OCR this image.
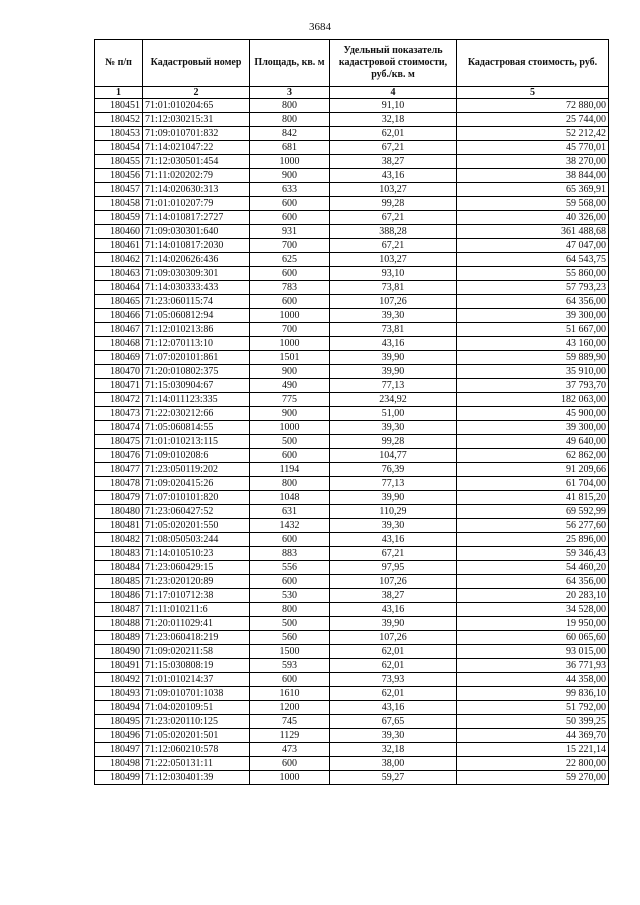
3684
№ п/п	Кадастровый номер	Площадь, кв. м	Удельный показатель кадастровой стоимости, руб./кв. м	Кадастровая стоимость, руб.
1	2	3	4	5
180451	71:01:010204:65	800	91,10	72 880,00
180452	71:12:030215:31	800	32,18	25 744,00
180453	71:09:010701:832	842	62,01	52 212,42
180454	71:14:021047:22	681	67,21	45 770,01
180455	71:12:030501:454	1000	38,27	38 270,00
180456	71:11:020202:79	900	43,16	38 844,00
180457	71:14:020630:313	633	103,27	65 369,91
180458	71:01:010207:79	600	99,28	59 568,00
180459	71:14:010817:2727	600	67,21	40 326,00
180460	71:09:030301:640	931	388,28	361 488,68
180461	71:14:010817:2030	700	67,21	47 047,00
180462	71:14:020626:436	625	103,27	64 543,75
180463	71:09:030309:301	600	93,10	55 860,00
180464	71:14:030333:433	783	73,81	57 793,23
180465	71:23:060115:74	600	107,26	64 356,00
180466	71:05:060812:94	1000	39,30	39 300,00
180467	71:12:010213:86	700	73,81	51 667,00
180468	71:12:070113:10	1000	43,16	43 160,00
180469	71:07:020101:861	1501	39,90	59 889,90
180470	71:20:010802:375	900	39,90	35 910,00
180471	71:15:030904:67	490	77,13	37 793,70
180472	71:14:011123:335	775	234,92	182 063,00
180473	71:22:030212:66	900	51,00	45 900,00
180474	71:05:060814:55	1000	39,30	39 300,00
180475	71:01:010213:115	500	99,28	49 640,00
180476	71:09:010208:6	600	104,77	62 862,00
180477	71:23:050119:202	1194	76,39	91 209,66
180478	71:09:020415:26	800	77,13	61 704,00
180479	71:07:010101:820	1048	39,90	41 815,20
180480	71:23:060427:52	631	110,29	69 592,99
180481	71:05:020201:550	1432	39,30	56 277,60
180482	71:08:050503:244	600	43,16	25 896,00
180483	71:14:010510:23	883	67,21	59 346,43
180484	71:23:060429:15	556	97,95	54 460,20
180485	71:23:020120:89	600	107,26	64 356,00
180486	71:17:010712:38	530	38,27	20 283,10
180487	71:11:010211:6	800	43,16	34 528,00
180488	71:20:011029:41	500	39,90	19 950,00
180489	71:23:060418:219	560	107,26	60 065,60
180490	71:09:020211:58	1500	62,01	93 015,00
180491	71:15:030808:19	593	62,01	36 771,93
180492	71:01:010214:37	600	73,93	44 358,00
180493	71:09:010701:1038	1610	62,01	99 836,10
180494	71:04:020109:51	1200	43,16	51 792,00
180495	71:23:020110:125	745	67,65	50 399,25
180496	71:05:020201:501	1129	39,30	44 369,70
180497	71:12:060210:578	473	32,18	15 221,14
180498	71:22:050131:11	600	38,00	22 800,00
180499	71:12:030401:39	1000	59,27	59 270,00
